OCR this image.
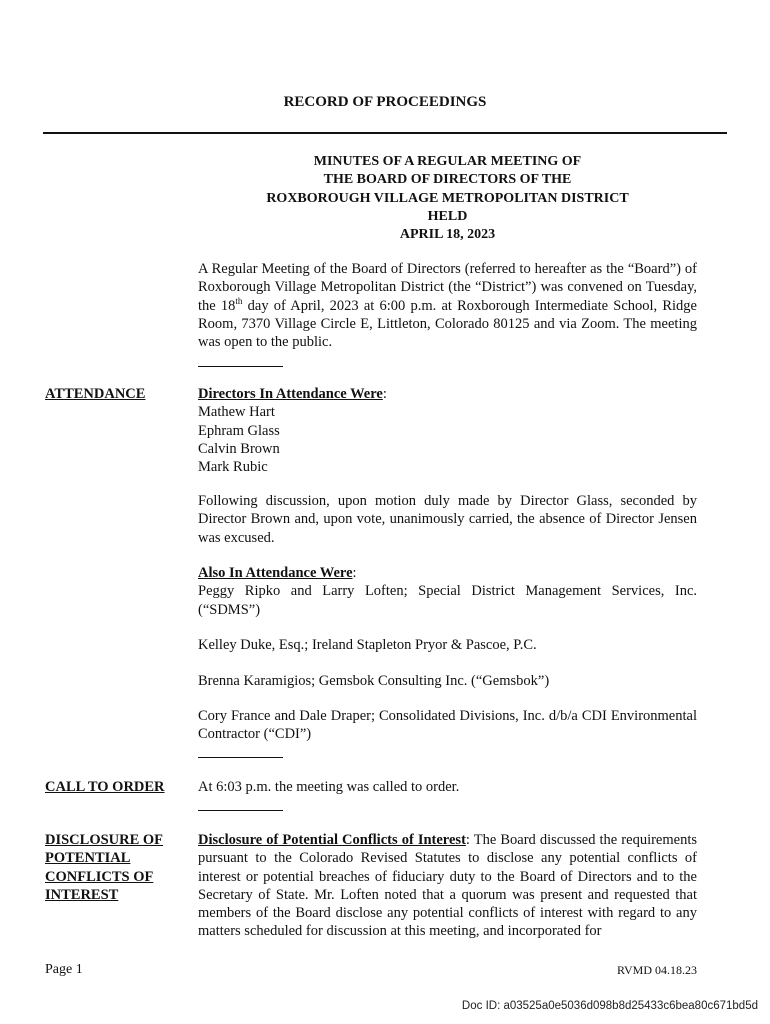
RECORD OF PROCEEDINGS
MINUTES OF A REGULAR MEETING OF
THE BOARD OF DIRECTORS OF THE
ROXBOROUGH VILLAGE METROPOLITAN DISTRICT
HELD
APRIL 18, 2023

A Regular Meeting of the Board of Directors (referred to hereafter as the “Board”) of Roxborough Village Metropolitan District (the “District”) was convened on Tuesday, the 18th day of April, 2023 at 6:00 p.m. at Roxborough Intermediate School, Ridge Room, 7370 Village Circle E, Littleton, Colorado 80125 and via Zoom. The meeting was open to the public.

ATTENDANCE	Directors In Attendance Were:
Mathew Hart
Ephram Glass
Calvin Brown
Mark Rubic

Following discussion, upon motion duly made by Director Glass, seconded by Director Brown and, upon vote, unanimously carried, the absence of Director Jensen was excused.

Also In Attendance Were:

Peggy Ripko and Larry Loften; Special District Management Services, Inc. (“SDMS”)

Kelley Duke, Esq.; Ireland Stapleton Pryor & Pascoe, P.C.

Brenna Karamigios; Gemsbok Consulting Inc. (“Gemsbok”)

Cory France and Dale Draper; Consolidated Divisions, Inc. d/b/a CDI Environmental Contractor (“CDI”)

CALL TO ORDER	At 6:03 p.m. the meeting was called to order.
DISCLOSURE OF
POTENTIAL
CONFLICTS OF
INTEREST

Disclosure of Potential Conflicts of Interest: The Board discussed the requirements pursuant to the Colorado Revised Statutes to disclose any potential conflicts of interest or potential breaches of fiduciary duty to the Board of Directors and to the Secretary of State. Mr. Loften noted that a quorum was present and requested that members of the Board disclose any potential conflicts of interest with regard to any matters scheduled for discussion at this meeting, and incorporated for

Page 1	RVMD 04.18.23
Doc ID: a03525a0e5036d098b8d25433c6bea80c671bd5d
